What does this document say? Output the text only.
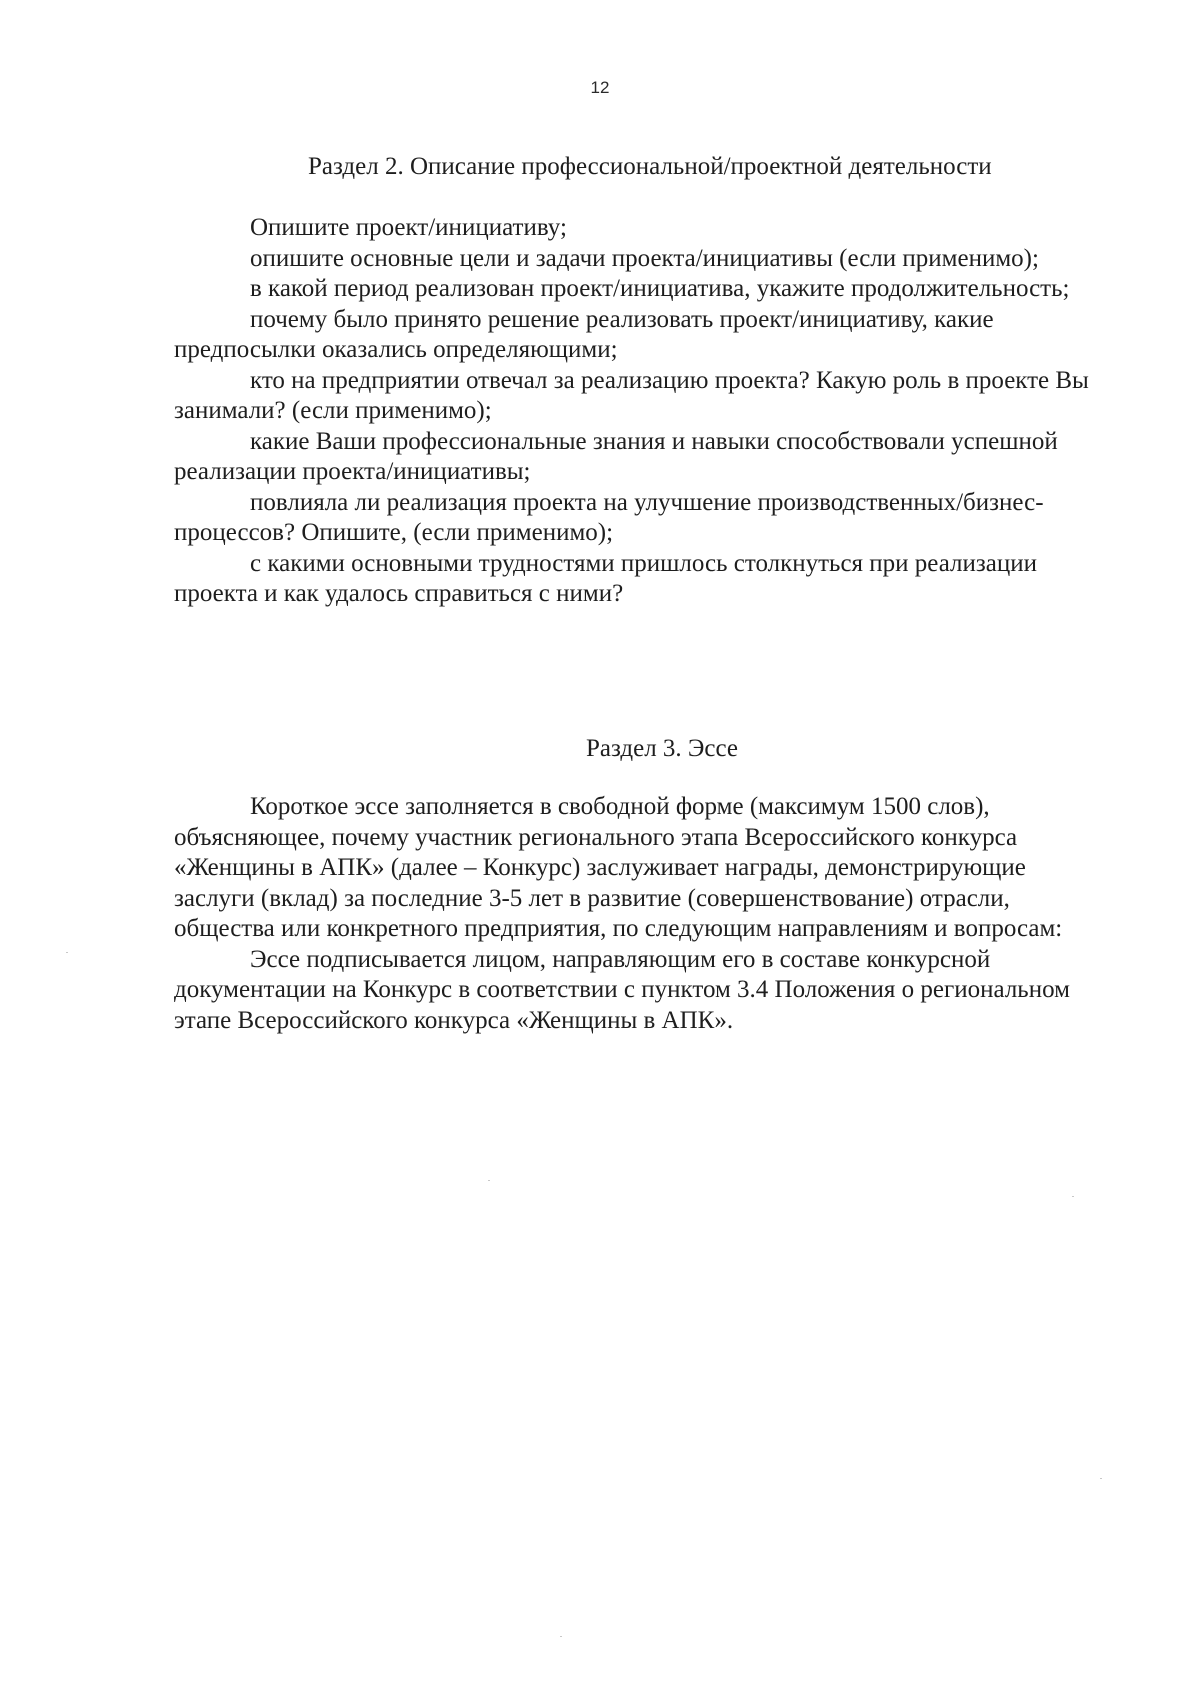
12
Раздел 2. Описание профессиональной/проектной деятельности

Опишите проект/инициативу;

опишите основные цели и задачи проекта/инициативы (если применимо);

в какой период реализован проект/инициатива, укажите продолжительность;

почему было принято решение реализовать проект/инициативу, какие предпосылки оказались определяющими;

кто на предприятии отвечал за реализацию проекта? Какую роль в проекте Вы занимали? (если применимо);

какие Ваши профессиональные знания и навыки способствовали успешной реализации проекта/инициативы;

повлияла ли реализация проекта на улучшение производственных/бизнес- процессов? Опишите, (если применимо);

с какими основными трудностями пришлось столкнуться при реализации проекта и как удалось справиться с ними?

Раздел 3. Эссе

Короткое эссе заполняется в свободной форме (максимум 1500 слов), объясняющее, почему участник регионального этапа Всероссийского конкурса «Женщины в АПК» (далее – Конкурс) заслуживает награды, демонстрирующие заслуги (вклад) за последние 3-5 лет в развитие (совершенствование) отрасли, общества или конкретного предприятия, по следующим направлениям и вопросам:

Эссе подписывается лицом, направляющим его в составе конкурсной документации на Конкурс в соответствии с пунктом 3.4 Положения о региональном этапе Всероссийского конкурса «Женщины в АПК».
